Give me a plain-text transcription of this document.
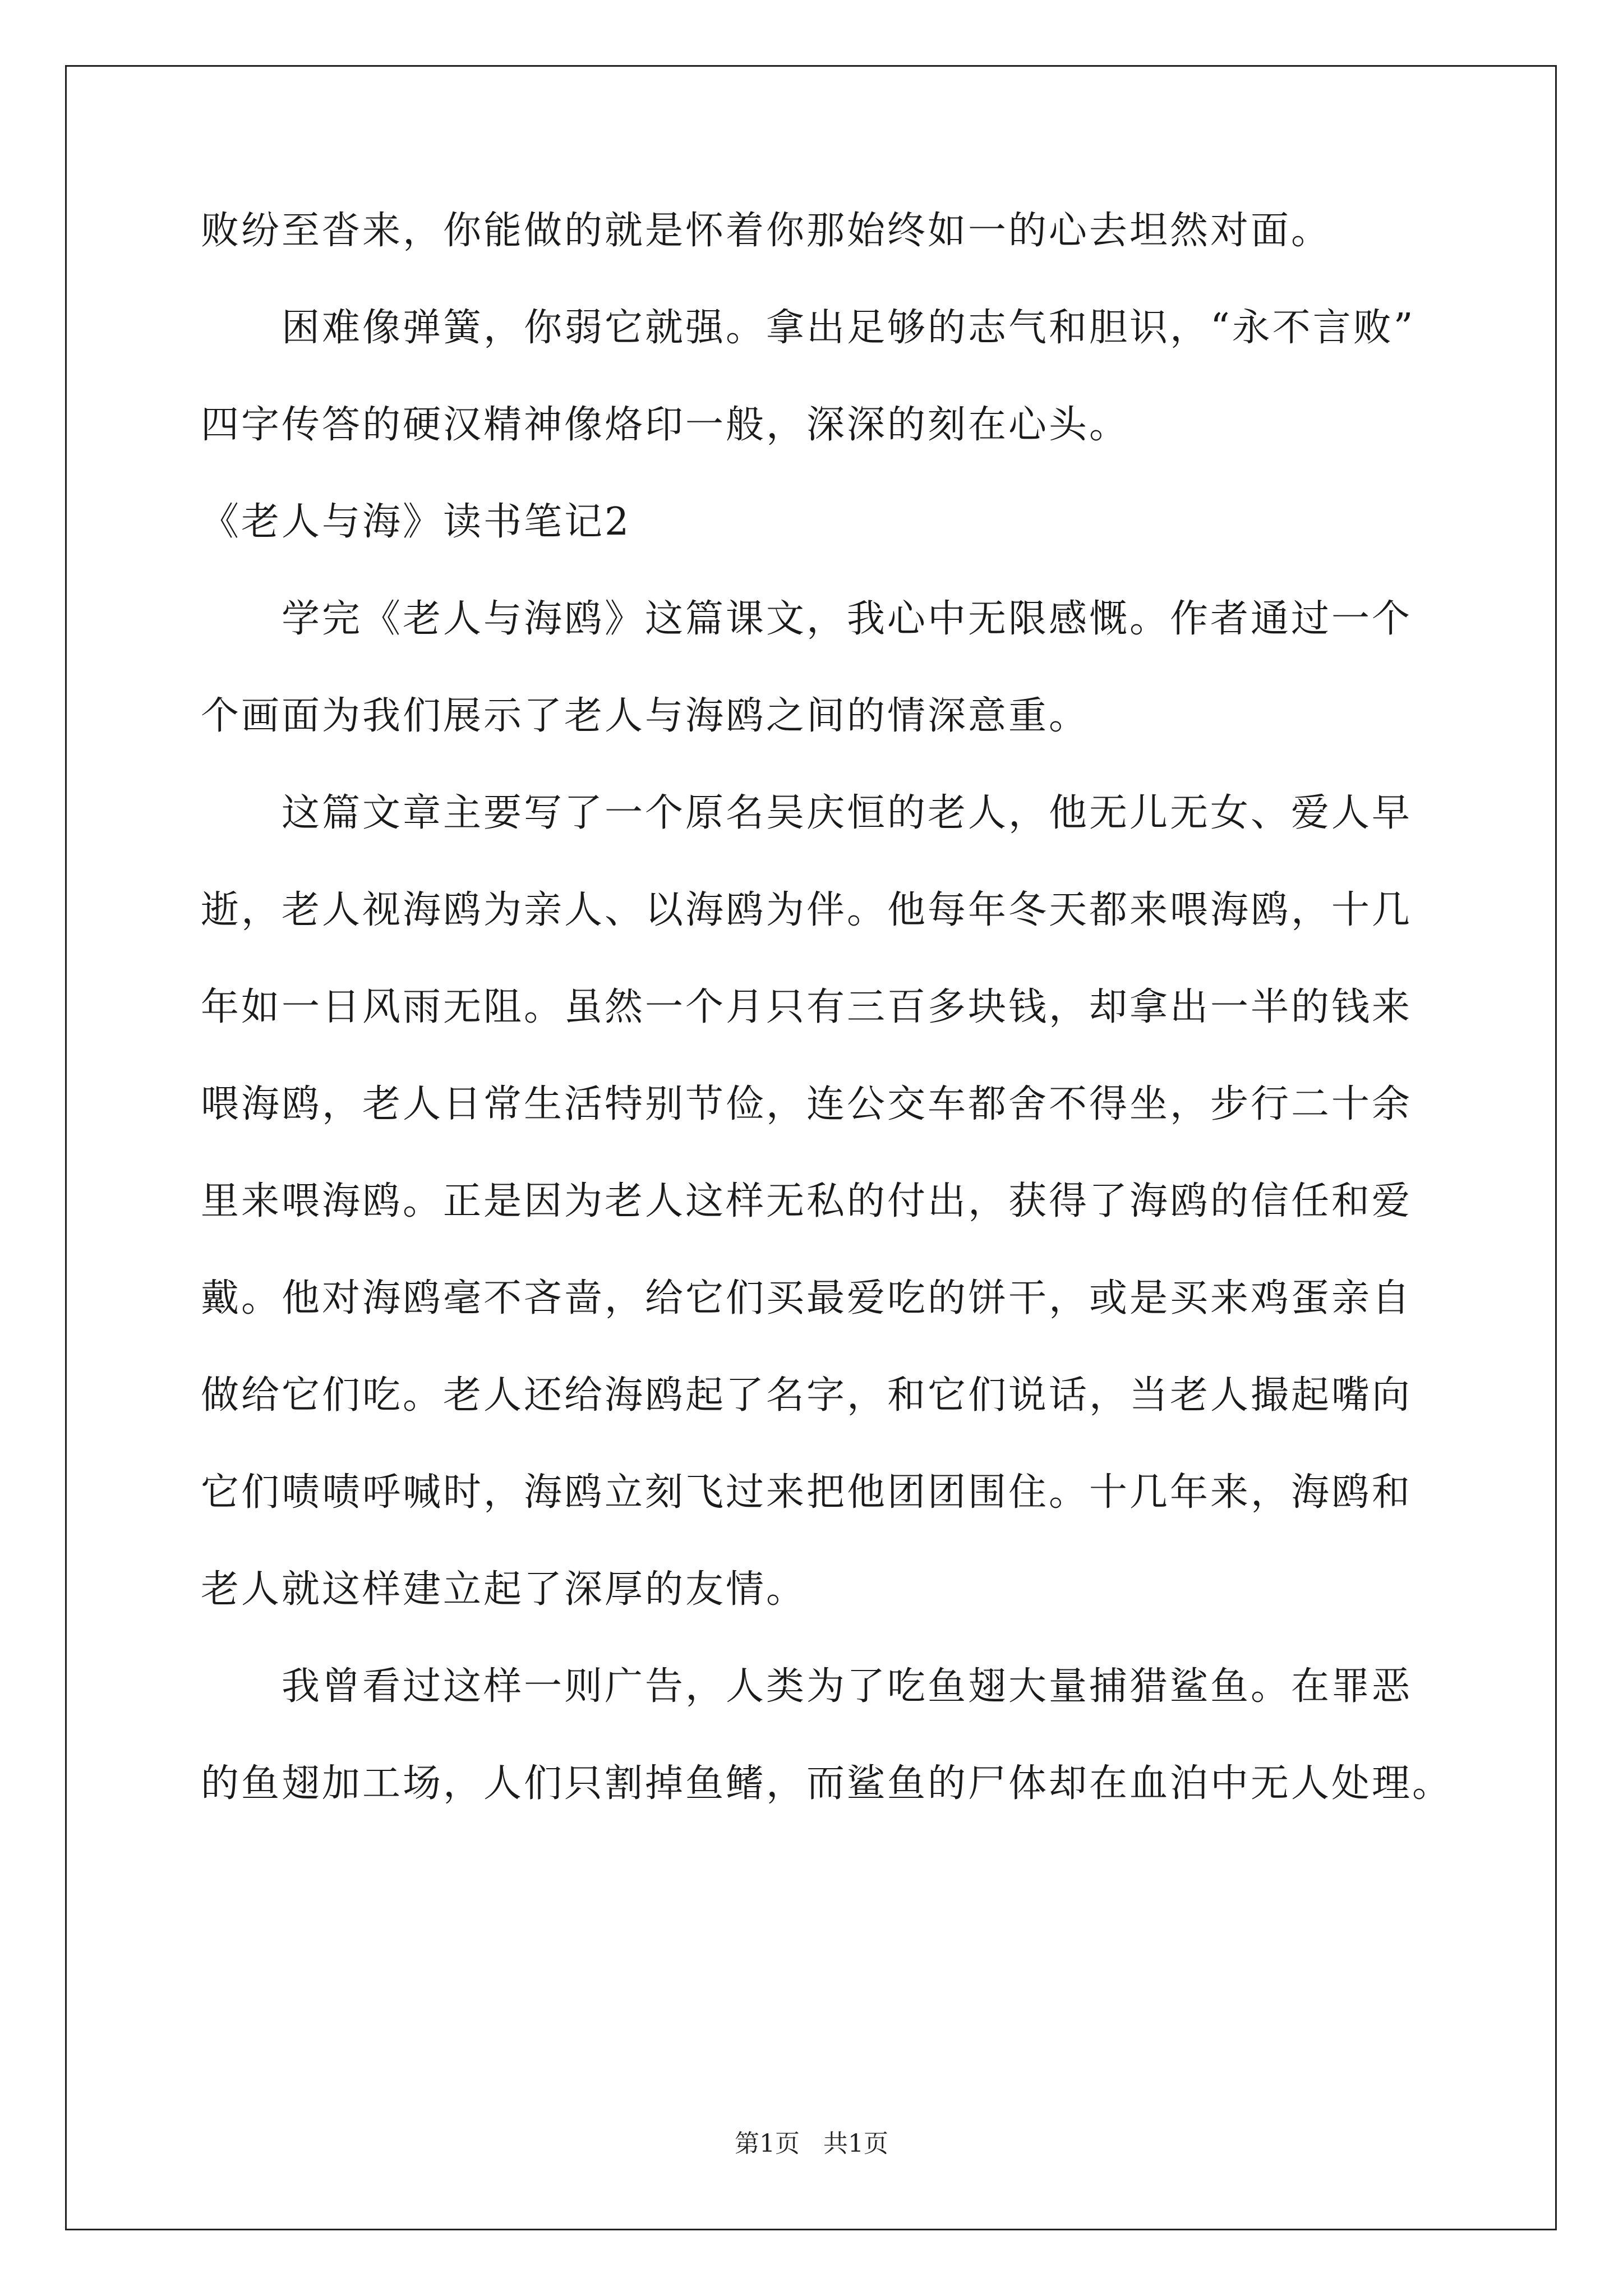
败纷至沓来，你能做的就是怀着你那始终如一的心去坦然对面。
困难像弹簧，你弱它就强。拿出足够的志气和胆识，“永不言败”
四字传答的硬汉精神像烙印一般，深深的刻在心头。
《老人与海》读书笔记2
学完《老人与海鸥》这篇课文，我心中无限感慨。作者通过一个
个画面为我们展示了老人与海鸥之间的情深意重。
这篇文章主要写了一个原名吴庆恒的老人，他无儿无女、爱人早
逝，老人视海鸥为亲人、以海鸥为伴。他每年冬天都来喂海鸥，十几
年如一日风雨无阻。虽然一个月只有三百多块钱，却拿出一半的钱来
喂海鸥，老人日常生活特别节俭，连公交车都舍不得坐，步行二十余
里来喂海鸥。正是因为老人这样无私的付出，获得了海鸥的信任和爱
戴。他对海鸥毫不吝啬，给它们买最爱吃的饼干，或是买来鸡蛋亲自
做给它们吃。老人还给海鸥起了名字，和它们说话，当老人撮起嘴向
它们啧啧呼喊时，海鸥立刻飞过来把他团团围住。十几年来，海鸥和
老人就这样建立起了深厚的友情。
我曾看过这样一则广告，人类为了吃鱼翅大量捕猎鲨鱼。在罪恶
的鱼翅加工场，人们只割掉鱼鳍，而鲨鱼的尸体却在血泊中无人处理。
第1页   共1页
